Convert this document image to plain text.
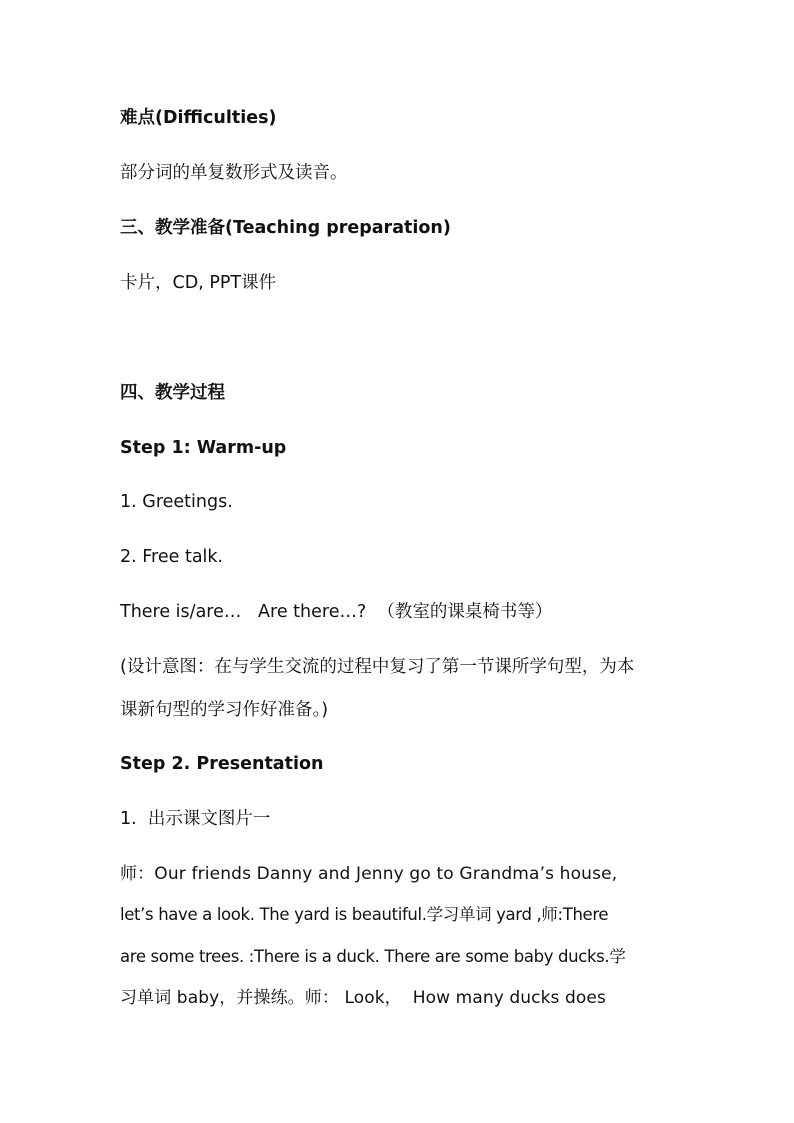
难点(Difficulties)
部分词的单复数形式及读音。
三、教学准备(Teaching preparation)
卡片，CD, PPT课件
四、教学过程
Step 1: Warm-up
1. Greetings.
2. Free talk.
There is/are…   Are there…?  （教室的课桌椅书等）
(设计意图：在与学生交流的过程中复习了第一节课所学句型，为本
课新句型的学习作好准备。)
Step 2. Presentation
1.  出示课文图片一
师：Our friends Danny and Jenny go to Grandma’s house,
let’s have a look. The yard is beautiful.学习单词 yard ,师:There
are some trees. :There is a duck. There are some baby ducks.学
习单词 baby，并操练。师： Look，  How many ducks does
